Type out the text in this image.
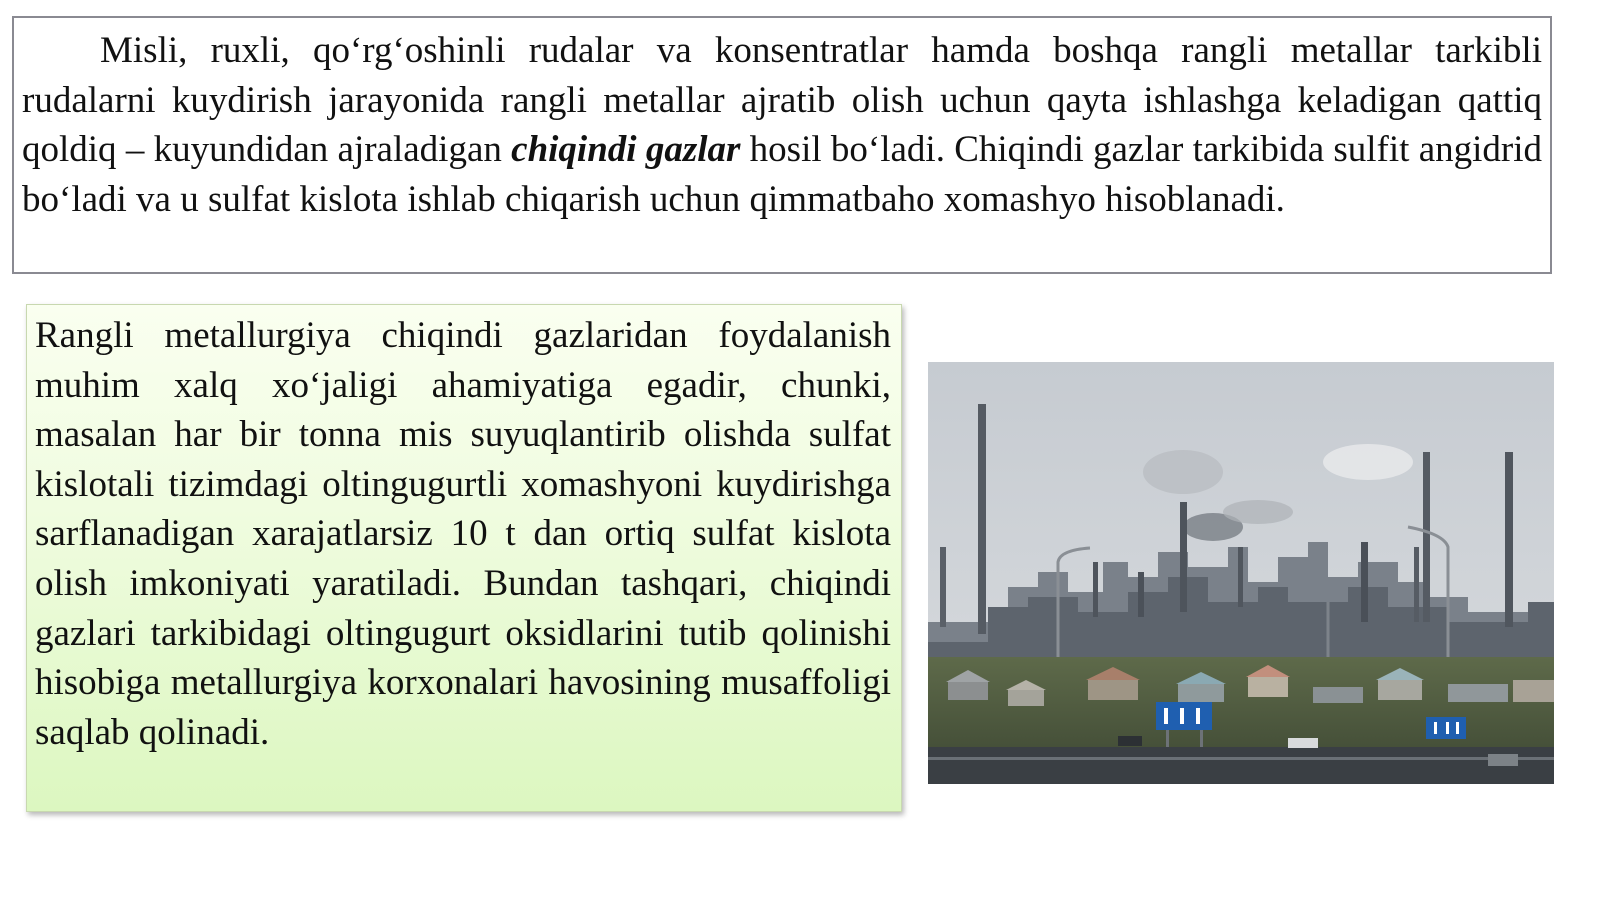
Misli, ruxli, qo‘rg‘oshinli rudalar va konsentratlar hamda boshqa rangli metallar tarkibli rudalarni kuydirish jarayonida rangli metallar ajratib olish uchun qayta ishlashga keladigan qattiq qoldiq – kuyundidan ajraladigan chiqindi gazlar hosil bo‘ladi. Chiqindi gazlar tarkibida sulfit angidrid bo‘ladi va u sulfat kislota ishlab chiqarish uchun qimmatbaho xomashyo hisoblanadi.

Rangli metallurgiya chiqindi gazlaridan foydalanish muhim xalq xo‘jaligi ahamiyatiga egadir, chunki, masalan har bir tonna mis suyuqlantirib olishda sulfat kislotali tizimdagi oltingugurtli xomashyoni kuydirishga sarflanadigan xarajatlarsiz 10 t dan ortiq sulfat kislota olish imkoniyati yaratiladi. Bundan tashqari, chiqindi gazlari tarkibidagi oltingugurt oksidlarini tutib qolinishi hisobiga metallurgiya korxonalari havosining musaffoligi saqlab qolinadi.
